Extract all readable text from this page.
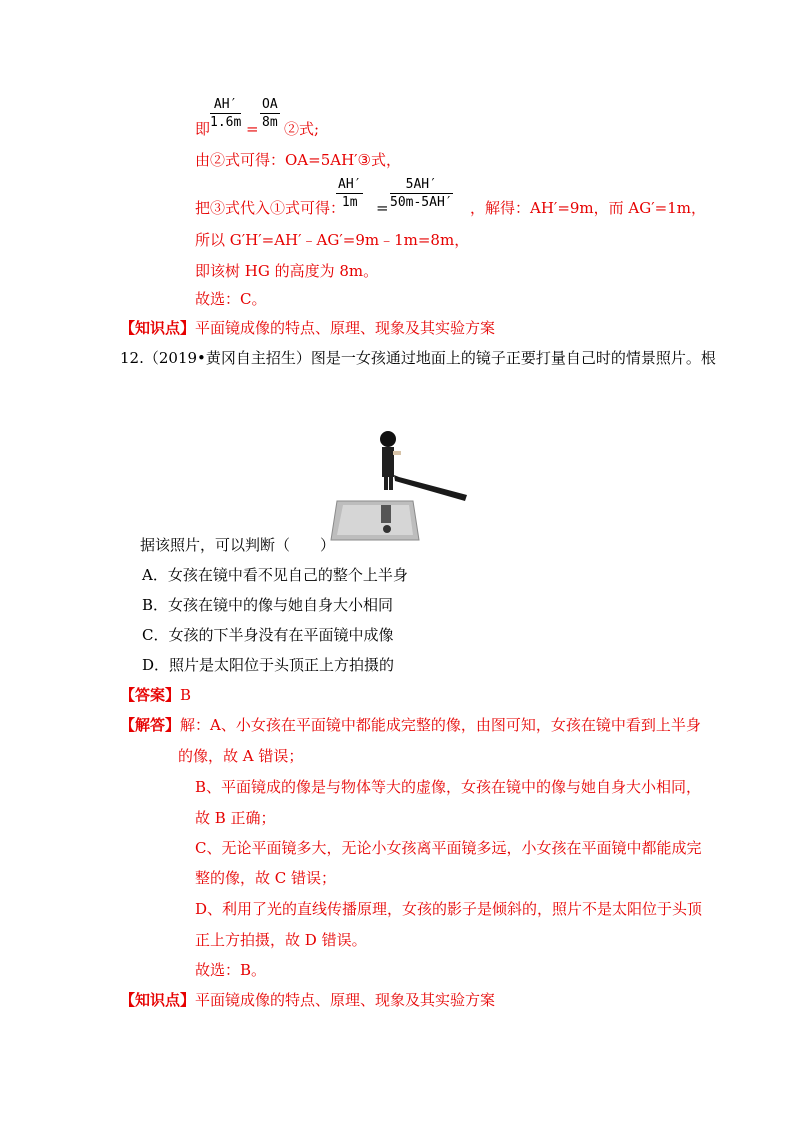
即 $\frac{AH'}{1.6m} = \frac{OA}{8m}$ ②式;
由②式可得：OA=5AH′③式，
把③式代入①式可得：
$\frac{AH'}{1m} = \frac{5AH'}{50m-5AH'}$ ，解得：AH′=9m，而 AG′=1m，
所以 G′H′=AH′﹣AG′=9m﹣1m=8m，
即该树 HG 的高度为 8m。
故选：C。
【知识点】平面镜成像的特点、原理、现象及其实验方案
12.（2019•黄冈自主招生）图是一女孩通过地面上的镜子正要打量自己时的情景照片。根
据该照片，可以判断（　　）
A．女孩在镜中看不见自己的整个上半身
B．女孩在镜中的像与她自身大小相同
C．女孩的下半身没有在平面镜中成像
D．照片是太阳位于头顶正上方拍摄的
【答案】B
【解答】解：A、小女孩在平面镜中都能成完整的像，由图可知，女孩在镜中看到上半身
的像，故 A 错误；
B、平面镜成的像是与物体等大的虚像，女孩在镜中的像与她自身大小相同，
故 B 正确；
C、无论平面镜多大，无论小女孩离平面镜多远，小女孩在平面镜中都能成完
整的像，故 C 错误；
D、利用了光的直线传播原理，女孩的影子是倾斜的，照片不是太阳位于头顶
正上方拍摄，故 D 错误。
故选：B。
【知识点】平面镜成像的特点、原理、现象及其实验方案
